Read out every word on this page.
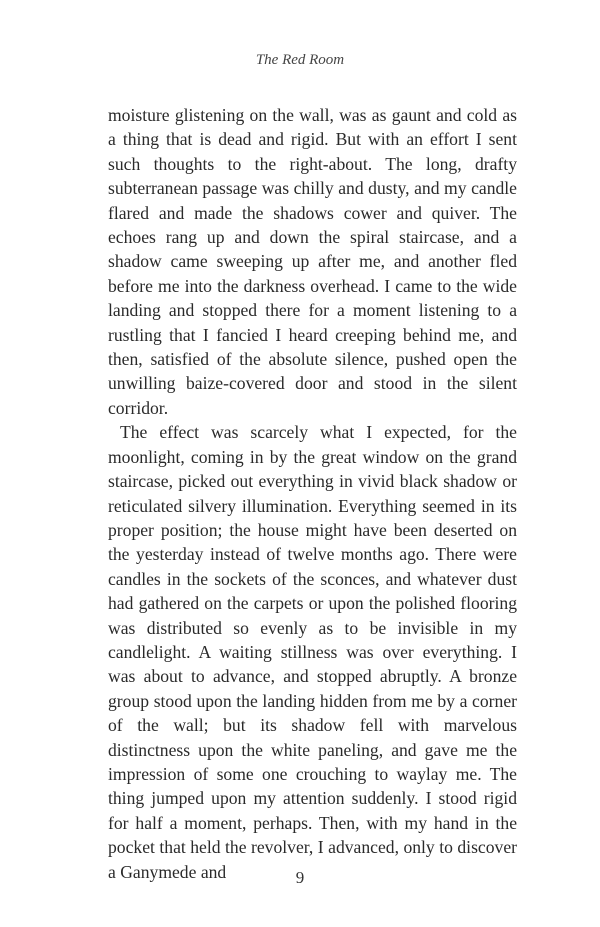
The Red Room

moisture glistening on the wall, was as gaunt and cold as a thing that is dead and rigid. But with an effort I sent such thoughts to the right-about. The long, drafty subterranean passage was chilly and dusty, and my candle flared and made the shadows cower and quiver. The echoes rang up and down the spiral staircase, and a shadow came sweeping up after me, and another fled before me into the darkness overhead. I came to the wide landing and stopped there for a moment listening to a rustling that I fancied I heard creeping behind me, and then, satisfied of the absolute silence, pushed open the unwilling baize-covered door and stood in the silent corridor.

The effect was scarcely what I expected, for the moonlight, coming in by the great window on the grand staircase, picked out everything in vivid black shadow or reticulated silvery illumination. Everything seemed in its proper position; the house might have been deserted on the yesterday instead of twelve months ago. There were candles in the sockets of the sconces, and whatever dust had gathered on the carpets or upon the polished flooring was distributed so evenly as to be invisible in my candlelight. A waiting stillness was over everything. I was about to advance, and stopped abruptly. A bronze group stood upon the landing hidden from me by a corner of the wall; but its shadow fell with marvelous distinctness upon the white paneling, and gave me the impression of some one crouching to waylay me. The thing jumped upon my attention suddenly. I stood rigid for half a moment, perhaps. Then, with my hand in the pocket that held the revolver, I advanced, only to discover a Ganymede and	9
